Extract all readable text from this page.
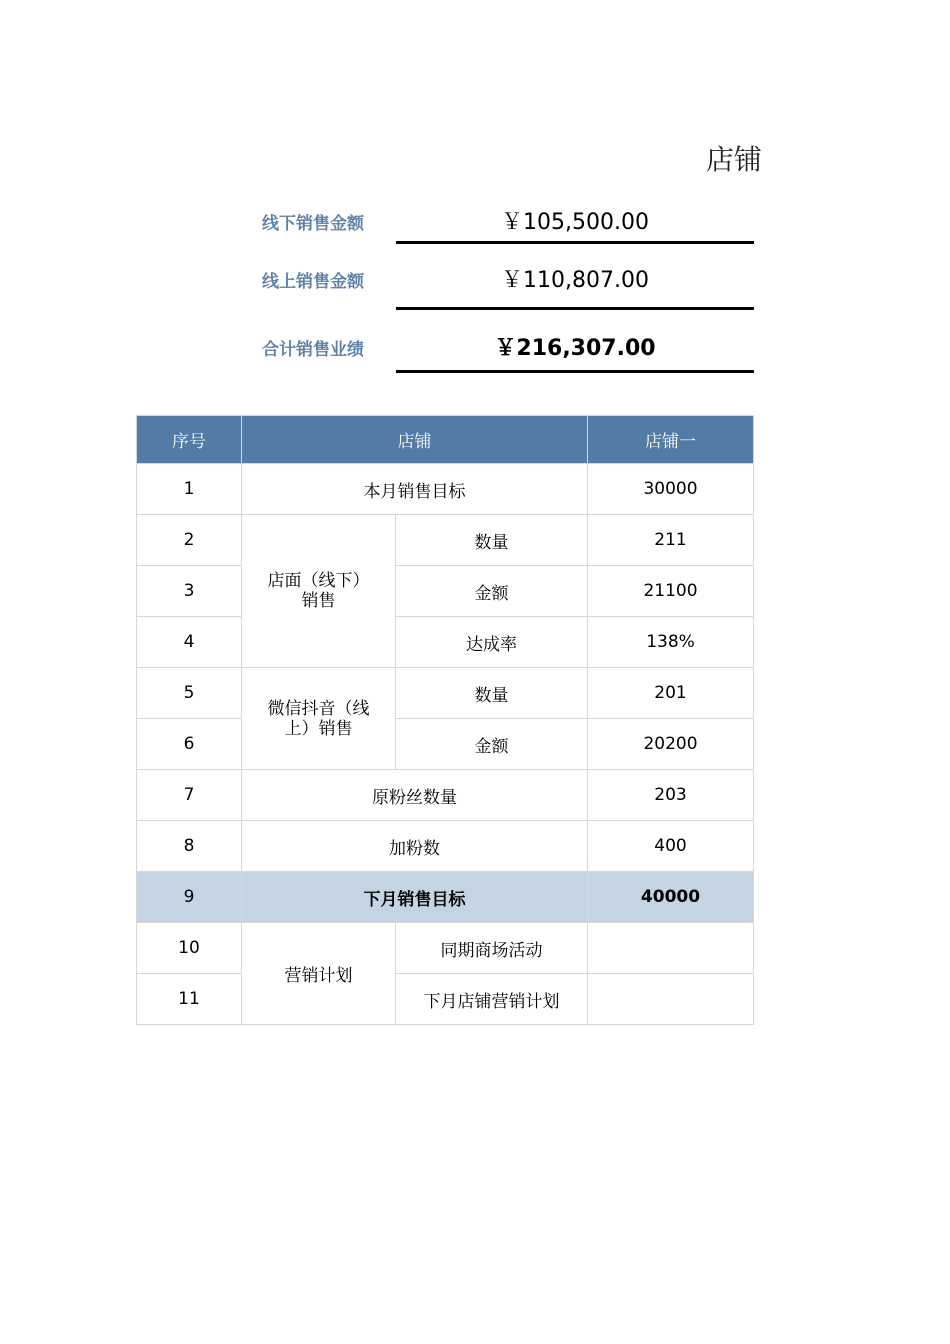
店铺
线下销售金额	￥105,500.00
线上销售金额	￥110,807.00
合计销售业绩	￥216,307.00
序号	店铺		店铺一
1	本月销售目标		30000
2	店面（线下）销售	数量	211
3		金额	21100
4		达成率	138%
5	微信抖音（线上）销售	数量	201
6		金额	20200
7	原粉丝数量		203
8	加粉数		400
9	下月销售目标		40000
10	营销计划	同期商场活动	
11		下月店铺营销计划	
